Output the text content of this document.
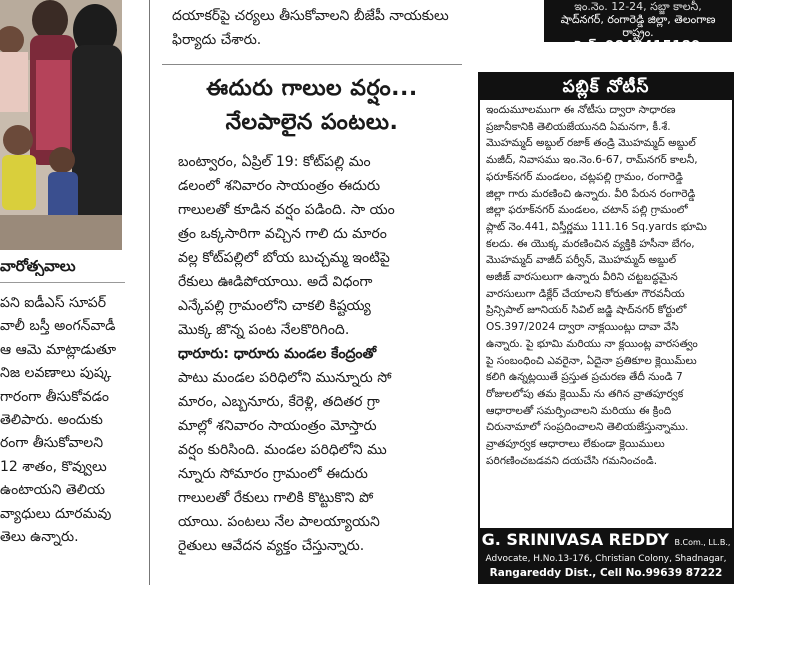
వారోత్సవాలు
పని ఐడీఎస్ సూపర్
వాలీ బస్తీ అంగన్‌వాడీ
ఆ ఆమె మాట్లాడుతూ
నిజ లవణాలు పుష్క
గారంగా తీసుకోవడం
తెలిపారు. అందుకు
రంగా తీసుకోవాలని
12 శాతం, కొవ్వులు
ఉంటాయని తెలియ
వ్యాధులు దూరమవు
తెలు ఉన్నారు.
దయాకర్‌పై చర్యలు తీసుకోవాలని బీజేపీ నాయకులు
ఫిర్యాదు చేశారు.
ఈదురు గాలుల వర్షం...
నేలపాలైన పంటలు.
బంట్వారం, ఏప్రిల్ 19: కోట్‌పల్లి మం
డలంలో శనివారం సాయంత్రం ఈదురు
గాలులతో కూడిన వర్షం పడింది. సా యం
త్రం ఒక్కసారిగా వచ్చిన గాలి దు మారం
వల్ల కోట్‌పల్లిలో బోయ బుచ్చమ్మ ఇంటిపై
రేకులు ఊడిపోయాయి. అదే విధంగా
ఎన్కేపల్లి గ్రామంలోని చాకలి కిష్టయ్య
మొక్క జొన్న పంట నేలకొరిగింది.
ధారూరు: ధారూరు మండల కేంద్రంతో
పాటు మండల పరిధిలోని మున్నూరు సో
మారం, ఎబ్బనూరు, కేరెళ్లి, తదితర గ్రా
మాల్లో శనివారం సాయంత్రం మోస్తారు
వర్షం కురిసింది. మండల పరిధిలోని ము
న్నూరు సోమారం గ్రామంలో ఈదురు
గాలులతో రేకులు గాలికి కొట్టుకొని పో
యాయి. పంటలు నేల పాలయ్యాయని
రైతులు ఆవేదన వ్యక్తం చేస్తున్నారు.
ఇం.నెం. 12-24, సబ్జా కాలనీ,
షాద్‌నగర్, రంగారెడ్డి జిల్లా, తెలంగాణ రాష్ట్రం.
సెల్: 9849415189
పబ్లిక్ నోటీస్
ఇందుమూలముగా ఈ నోటీసు ద్వారా సాధారణ
ప్రజానీకానికి తెలియజేయునది ఏమనగా, కీ.శే.
మొహమ్మద్ అబ్దుల్ రజాక్ తండ్రి మొహమ్మద్ అబ్దుల్
మజీద్, నివాసము ఇం.నెం.6-67, రామ్‌నగర్ కాలనీ,
ఫరూక్‌నగర్ మండలం, చట్లపల్లి గ్రామం, రంగారెడ్డి
జిల్లా గారు మరణించి ఉన్నారు. వీరి పేరున రంగారెడ్డి
జిల్లా ఫరూక్‌నగర్ మండలం, చటాన్ పల్లి గ్రామంలో
ప్లాట్ నెం.441, విస్తీర్ణము 111.16 Sq.yards భూమి
కలదు. ఈ యొక్క మరణించిన వ్యక్తికి హసీనా బేగం,
మొహమ్మద్ వాజీద్ పర్వీన్, మొహమ్మద్ అబ్దుల్
అజీజ్ వారసులుగా ఉన్నారు వీరిని చట్టబద్ధమైన
వారసులుగా డిక్లేర్ చేయాలని కోరుతూ గౌరవనీయ
ప్రిన్సిపాల్ జూనియర్ సివిల్ జడ్జి షాద్‌నగర్ కోర్టులో
OS.397/2024 ద్వారా నాక్లయింట్లు దావా వేసి
ఉన్నారు. పై భూమి మరియు నా క్లయింట్ల వారసత్వం
పై సంబంధించి ఎవరైనా, ఏదైనా ప్రతికూల క్లెయిమ్‌లు
కలిగి ఉన్నట్లయితే ప్రస్తుత ప్రచురణ తేదీ నుండి 7
రోజులలోపు తమ క్లెయిమ్ ను తగిన వ్రాతపూర్వక
ఆధారాలతో సమర్పించాలని మరియు ఈ క్రింది
చిరునామాలో సంప్రదించాలని తెలియజేస్తున్నాము.
వ్రాతపూర్వక ఆధారాలు లేకుండా క్లెయిములు
పరిగణించబడవని దయచేసి గమనించండి.
G. SRINIVASA REDDY B.Com., LL.B.,
Advocate, H.No.13-176, Christian Colony, Shadnagar,
Rangareddy Dist., Cell No.99639 87222
